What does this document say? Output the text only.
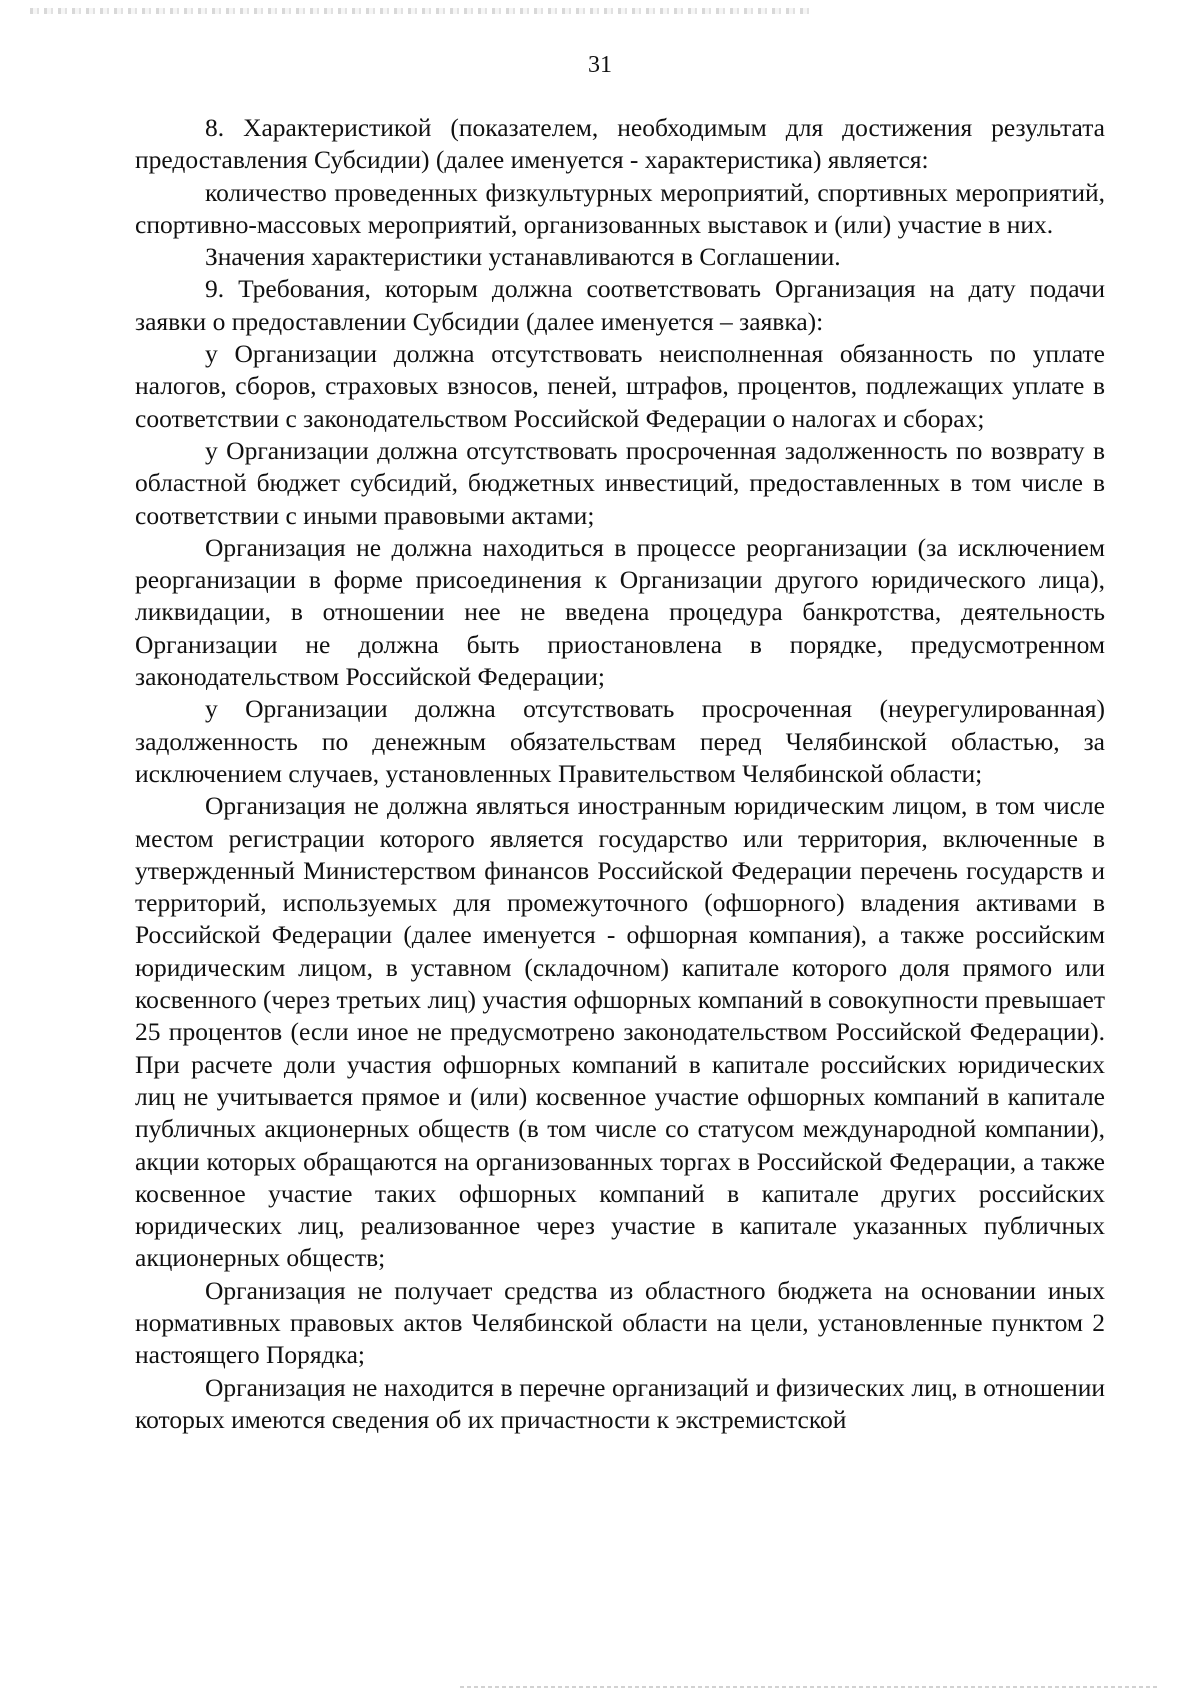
31

8. Характеристикой (показателем, необходимым для достижения результата предоставления Субсидии) (далее именуется - характеристика) является:

количество проведенных физкультурных мероприятий, спортивных мероприятий, спортивно-массовых мероприятий, организованных выставок и (или) участие в них.

Значения характеристики устанавливаются в Соглашении.

9. Требования, которым должна соответствовать Организация на дату подачи заявки о предоставлении Субсидии (далее именуется – заявка):

у Организации должна отсутствовать неисполненная обязанность по уплате налогов, сборов, страховых взносов, пеней, штрафов, процентов, подлежащих уплате в соответствии с законодательством Российской Федерации о налогах и сборах;

у Организации должна отсутствовать просроченная задолженность по возврату в областной бюджет субсидий, бюджетных инвестиций, предоставленных в том числе в соответствии с иными правовыми актами;

Организация не должна находиться в процессе реорганизации (за исключением реорганизации в форме присоединения к Организации другого юридического лица), ликвидации, в отношении нее не введена процедура банкротства, деятельность Организации не должна быть приостановлена в порядке, предусмотренном законодательством Российской Федерации;

у Организации должна отсутствовать просроченная (неурегулированная) задолженность по денежным обязательствам перед Челябинской областью, за исключением случаев, установленных Правительством Челябинской области;

Организация не должна являться иностранным юридическим лицом, в том числе местом регистрации которого является государство или территория, включенные в утвержденный Министерством финансов Российской Федерации перечень государств и территорий, используемых для промежуточного (офшорного) владения активами в Российской Федерации (далее именуется - офшорная компания), а также российским юридическим лицом, в уставном (складочном) капитале которого доля прямого или косвенного (через третьих лиц) участия офшорных компаний в совокупности превышает 25 процентов (если иное не предусмотрено законодательством Российской Федерации). При расчете доли участия офшорных компаний в капитале российских юридических лиц не учитывается прямое и (или) косвенное участие офшорных компаний в капитале публичных акционерных обществ (в том числе со статусом международной компании), акции которых обращаются на организованных торгах в Российской Федерации, а также косвенное участие таких офшорных компаний в капитале других российских юридических лиц, реализованное через участие в капитале указанных публичных акционерных обществ;

Организация не получает средства из областного бюджета на основании иных нормативных правовых актов Челябинской области на цели, установленные пунктом 2 настоящего Порядка;

Организация не находится в перечне организаций и физических лиц, в отношении которых имеются сведения об их причастности к экстремистской
